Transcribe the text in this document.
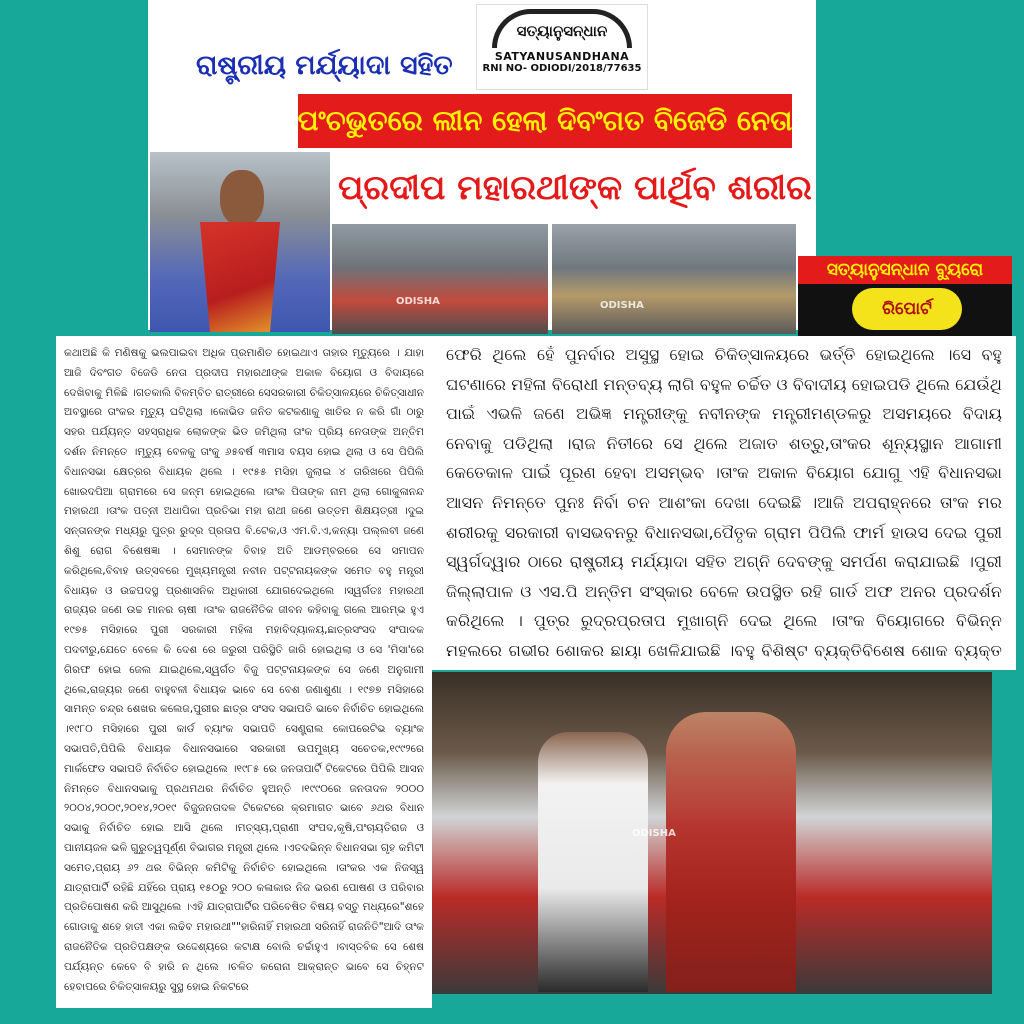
ରାଷ୍ଟ୍ରୀୟ ମର୍ଯ୍ୟାଦା ସହିତ
ସତ୍ୟାନୁସନ୍ଧାନ
SATYANUSANDHANA
RNI NO- ODIODI/2018/77635
ପଂଚଭୁତରେ ଲୀନ ହେଲା ଦିବଂଗତ ବିଜେଡି ନେତା
ପ୍ରଦୀପ ମହାରଥୀଙ୍କ ପାର୍ଥିବ ଶରୀର
ODISHA	ODISHA
ସତ୍ୟାନୁସନ୍ଧାନ ବ୍ୟୁରୋ
ରିପୋର୍ଟ

କଥାଅଛି କି ମଣିଷକୁ ଭଲପାଇବା ଅଧିକ ପ୍ରମାଣିତ ହୋଇଥାଏ ତାହାର ମୃତ୍ୟୁରେ । ଯାହା ଆଜି ଦିବଂଗତ ବିଜେଡି ନେତା ପ୍ରଦୀପ ମହାରଥୀଙ୍କ ଅକାଳ ବିୟୋଗ ଓ ବିଦାୟରେ ଦେଖିବାକୁ ମିଳିଛି ।ଗତକାଲି ବିଳମ୍ବିତ ରାତ୍ରୀରେ ସେସରକାରୀ ଚିକିତ୍ସାଳୟରେ ଚିକିତ୍ସାଧୀନ ଅବସ୍ଥାରେ ତାଂକର ମୃତ୍ୟୁ ଘଟିଥିଲା ।କୋଭିଡ ଜନିତ କଟକଣାକୁ ଖାତିର ନ କରି ଗାଁ ଠାରୁ ସହର ପର୍ଯ୍ୟନ୍ତ ସହସ୍ରାଧିକ ଲୋକଙ୍କ ଭିଡ ଜମିଥିଲା ତାଂକ ପ୍ରିୟ ନେତାଙ୍କ ଅନ୍ତିମ ଦର୍ଶନ ନିମନ୍ତେ ।ମୃତ୍ୟୁ ବେଳକୁ ତାଂକୁ ୬୫ବର୍ଷ ୩ମାସ ବୟସ ହୋଇ ଥିଲା ଓ ସେ ପିପିଲି ବିଧାନସଭା କ୍ଷେତ୍ରର ବିଧାୟକ ଥିଲେ । ୧୯୫୫ ମସିହା ଜୁଲାଇ ୪ ତାରିଖରେ ପିପିଲି ଖୋରଦପିଆ ଗ୍ରାମରେ ସେ ଜନ୍ମ ହୋଇଥିଲେ ।ତାଂକ ପିତାଙ୍କ ନାମ ଥିଲା ଗୋକୁଳାନନ୍ଦ ମହାରଥୀ ।ତାଂକ ପତ୍ନୀ ଅଧାପିକା ପ୍ରତିଭା ମହା ରାଥୀ ଜଣେ ଉତ୍ତମ ଶିକ୍ଷୟତ୍ରୀ ।ଦୁଇ ସନ୍ତାନଙ୍କ ମଧ୍ୟରୁ ପୁତ୍ର ରୁଦ୍ର ପ୍ରତାପ ବି.ଟେକ,ଓ ଏମ.ବି.ଏ,କନ୍ୟା ପଲ୍ଲବୀ ଜଣେ ଶିଶୁ ରୋଗ ବିଶେଷଜ୍ଞା । ସେମାନଙ୍କ ବିବାହ ଅତି ଆଡମ୍ବରରେ ସେ ସମାପନ କରିଥିଲେ,ବିବାହ ଉତ୍ସବରେ ମୁଖ୍ୟମନ୍ତ୍ରୀ ନବୀନ ପଟ୍ଟନାୟକଙ୍କ ସମେତ ବହୁ ମନ୍ତ୍ରୀ ବିଧାୟକ ଓ ଉଚ୍ଚପଦସ୍ଥ ପ୍ରଶାସନିକ ଅଧିକାରୀ ଯୋଗଦେଇଥିଲେ ।ସ୍ୱର୍ଗତଃ ମହାରଥୀ ରାଜ୍ୟର ଜଣେ ଉଚ୍ଚ ମାନର ଚାଷୀ ।ତାଂକ ରାଜନୈତିକ ଜୀବନ କହିବାକୁ ଗଲେ ଆରମ୍ଭ ହୁଏ ୧୯୭୫ ମସିହାରେ ପୁରୀ ସରକାରୀ ମହିଳା ମହାବିଦ୍ୟାଳୟ,ଛାତ୍ରସଂସଦ ସଂପାଦକ ପଦବୀରୁ,ଯେତେ ବେଳେ କି ଦେଶ ରେ ଜରୁରୀ ପରିସ୍ଥିତି ଜାରି ହୋଇଥିଲା ଓ ସେ 'ମିସା'ରେ ଗିରଫ ହୋଇ ଜେଲ ଯାଇଥିଲେ,ସ୍ୱର୍ଗତ ବିଜୁ ପଟ୍ଟନାୟକଙ୍କ ସେ ଜଣେ ଅନୁଗାମୀ ଥିଲେ,ରାଜ୍ୟର ଜଣେ ବାହୁବଳୀ ବିଧାୟକ ଭାବେ ସେ ବେଶ ଜଣାଶୁଣା । ୧୯୭୭ ମସିହାରେ ସାମନ୍ତ ଚନ୍ଦ୍ର ଶେଖର କଲେଜ,ପୁରୀର ଛାତ୍ର ସଂସଦ ସଭାପତି ଭାବେ ନିର୍ବାଚିତ ହୋଇଥିଲେ ।୧୯୮୦ ମସିହାରେ ପୁରୀ କାର୍ଡ ବ୍ୟାଂକ ସଭାପତି ସେଣ୍ଟ୍ରାଲ କୋପରେଟିଭ ବ୍ୟାଂକ ସଭାପତି,ପିପିଲି ବିଧାୟକ ବିଧାନସଭାରେ ସରକାରୀ ଉପମୁଖ୍ୟ ସଚେତକ,୧୯୯୨ରେ ମାର୍କଫେଡ ସଭାପତି ନିର୍ବାଚିତ ହୋଇଥିଲେ ।୧୯୮୫ ରେ ଜନତାପାର୍ଟି ଟିକେଟରେ ପିପିଲି ଆସନ ନିମନ୍ତେ ବିଧାନସଭାକୁ ପ୍ରଥମଥର ନିର୍ବାଚିତ ହୁଅନ୍ତି ।୧୯୯୦ରେ ଜନତାଦଳ ୨୦୦୦ ୨୦୦୪,୨୦୦୯,୨୦୧୪,୨୦୧୯ ବିଜୁଜନତାଦଳ ଟିକେଟରେ କ୍ରମାଗତ ଭାବେ ୬ଥର ବିଧାନ ସଭାକୁ ନିର୍ବାଚିତ ହୋଇ ଆସି ଥିଲେ ।ମତ୍ସ୍ୟ,ପ୍ରାଣୀ ସଂପଦ,କୃଷି,ପଂଚାୟତିରାଜ ଓ ପାନୀୟଜଳ ଭଳି ଗୁରୁତ୍ୱପୂର୍ଣ୍ଣ ବିଭାଗର ମନ୍ତ୍ରୀ ଥିଲେ ।ଏତଦଭିନ୍ନ ବିଧାନସଭା ଗୃହ କମିଟୀ ସମେତ,ପ୍ରାୟ ୬୨ ଥର ବିଭିନ୍ନ କମିଟିକୁ ନିର୍ବାଚିତ ହୋଇଥିଲେ ।ତାଂକର ଏକ ନିଜସ୍ୱ ଯାତ୍ରାପାର୍ଟି ରହିଛି ଯହିଁରେ ପ୍ରାୟ ୧୫୦ରୁ ୨୦୦ କଳାକାର ନିଜ ଭରଣ ପୋଷଣ ଓ ପରିବାର ପ୍ରତିପୋଷଣ କରି ଆସୁଥିଲେ ।ଏହି ଯାତ୍ରାପାର୍ଟିର ପରିବେଷିତ ବିଷୟ ବସ୍ତୁ ମଧ୍ୟରେ"ଶହେ ଗୋଡାକୁ ଶହେ ହାତୀ ଏକା ଲଢିବ ମହାରଥୀ""ହାରିନାହିଁ ମହାରଥୀ ସରିନାହିଁ ରାଜନିତି"ଆଦି ତାଂକ ରାଜନୈତିକ ପ୍ରତିପକ୍ଷଙ୍କ ଉଦ୍ଦେଶ୍ୟରେ କଟାକ୍ଷ ବୋଲି ଚର୍ଚ୍ଚାହୁଏ ।ବାସ୍ତବିକ ସେ ଶେଷ ପର୍ଯ୍ୟନ୍ତ କେବେ ବି ହାରି ନ ଥିଲେ ।ଚଳିତ କରୋନା ଆକ୍ରାନ୍ତ ଭାବେ ସେ ଚିହ୍ନଟ ହେବାପରେ ଚିକିତ୍ସାଳୟରୁ ସୁସ୍ଥ ହୋଇ ନିକଟରେ

ଫେରି ଥିଲେ ହେଁ ପୁନର୍ବାର ଅସୁସ୍ଥ ହୋଇ ଚିକିତ୍ସାଳୟରେ ଭର୍ତ୍ତି ହୋଇଥିଲେ ।ସେ ବହୁ ଘଟଣାରେ ମହିଳା ବିରୋଧୀ ମନ୍ତବ୍ୟ ଲାଗି ବହୁଳ ଚର୍ଚ୍ଚିତ ଓ ବିବାଦୀୟ ହୋଇପଡି ଥିଲେ ଯେଉଁଥି ପାଇଁ ଏଭଳି ଜଣେ ଅଭିଜ୍ଞ ମନ୍ତ୍ରୀଙ୍କୁ ନବୀନଙ୍କ ମନ୍ତ୍ରୀମଣ୍ଡଳରୁ ଅସମୟରେ ବିଦାୟ ନେବାକୁ ପଡିଥିଲା ।ରାଜ ନିତୀରେ ସେ ଥିଲେ ଅଜାତ ଶତ୍ରୁ,ତାଂକର ଶୂନ୍ୟସ୍ଥାନ ଆଗାମୀ କେତେକାଳ ପାଇଁ ପୂରଣ ହେବା ଅସମ୍ଭବ ।ତାଂକ ଅକାଳ ବିୟୋଗ ଯୋଗୁ ଏହି ବିଧାନସଭା ଆସନ ନିମନ୍ତେ ପୁନଃ ନିର୍ବା ଚନ ଆଶଂକା ଦେଖା ଦେଇଛି ।ଆଜି ଅପରାହ୍ନରେ ତାଂକ ମର ଶରୀରକୁ ସରକାରୀ ବାସଭବନରୁ ବିଧାନସଭା,ପୈତୃକ ଗ୍ରାମ ପିପିଲି ଫାର୍ମ ହାଉସ ଦେଇ ପୁରୀ ସ୍ୱର୍ଗଦ୍ୱାର ଠାରେ ରାଷ୍ଟ୍ରୀୟ ମର୍ଯ୍ୟାଦା ସହିତ ଅଗ୍ନି ଦେବଙ୍କୁ ସମର୍ପଣ କରାଯାଇଛି ।ପୁରୀ ଜିଲ୍ଲାପାଳ ଓ ଏସ.ପି ଅନ୍ତିମ ସଂସ୍କାର ବେଳେ ଉପସ୍ଥିତ ରହି ଗାର୍ଡ ଅଫ ଅନର ପ୍ରଦର୍ଶନ କରିଥିଲେ । ପୁତ୍ର ରୁଦ୍ରପ୍ରତାପ ମୁଖାଗ୍ନି ଦେଇ ଥିଲେ ।ତାଂକ ବିୟୋଗରେ ବିଭିନ୍ନ ମହଲରେ ଗଭୀର ଶୋକର ଛାୟା ଖେଳିଯାଇଛି ।ବହୁ ବିଶିଷ୍ଟ ବ୍ୟକ୍ତିବିଶେଷ ଶୋକ ବ୍ୟକ୍ତ

ODISHA
